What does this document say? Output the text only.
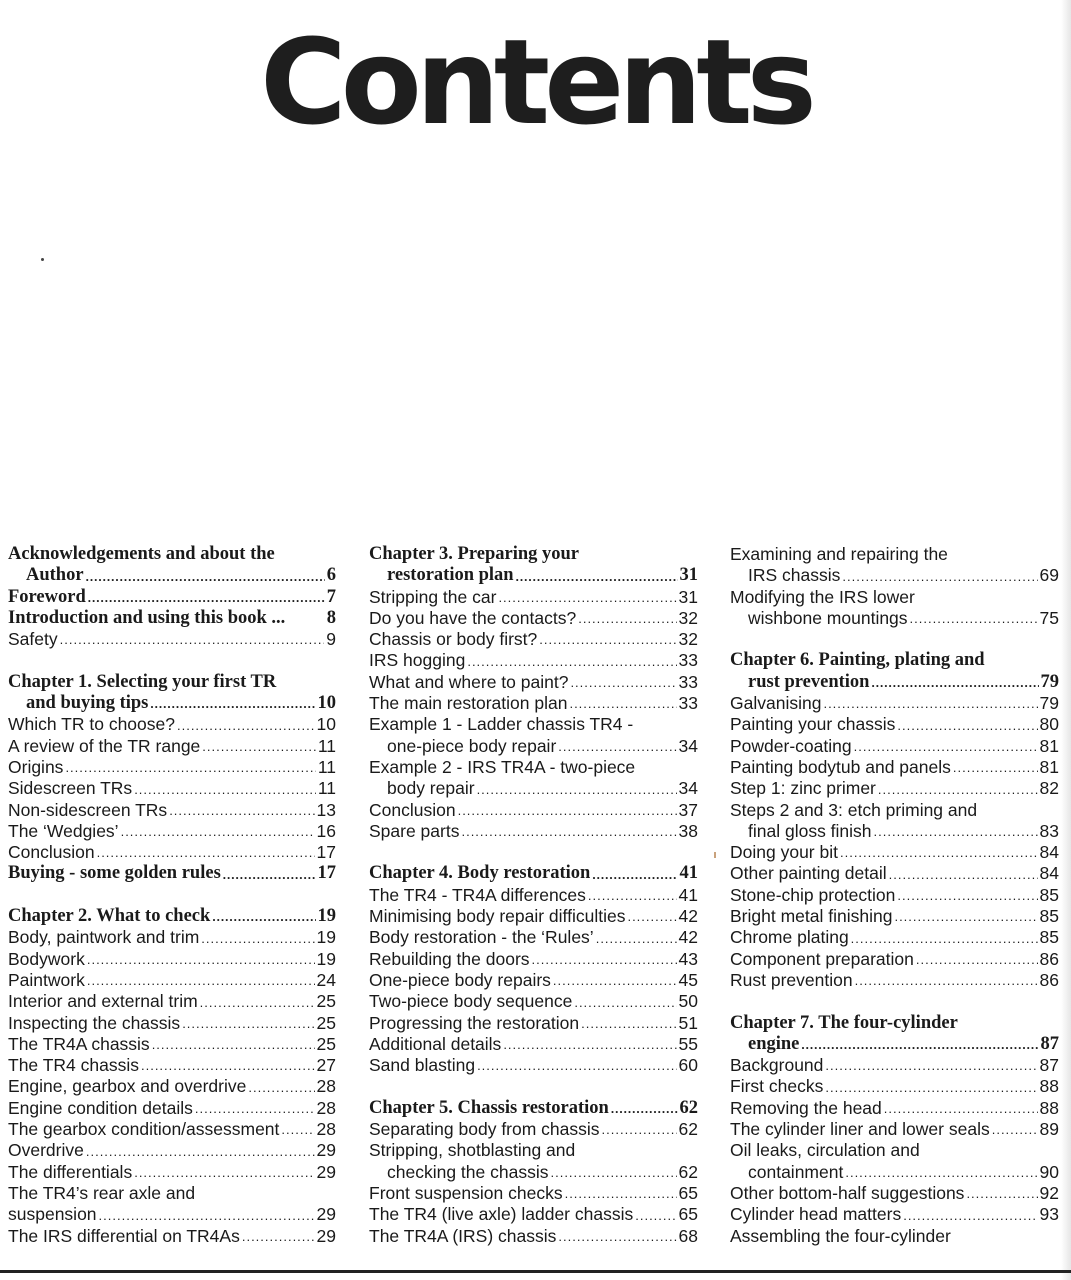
Contents
Acknowledgements and about the
Author .....	6
Foreword .....	7
Introduction and using this book ... 8
Safety .....	9
Chapter 1. Selecting your first TR
and buying tips .....	10
Which TR to choose? .....	10
A review of the TR range .....	11
Origins .....	11
Sidescreen TRs .....	11
Non-sidescreen TRs .....	13
The ‘Wedgies’ .....	16
Conclusion .....	17
Buying - some golden rules .....	17
Chapter 2. What to check .....	19
Body, paintwork and trim .....	19
Bodywork .....	19
Paintwork .....	24
Interior and external trim .....	25
Inspecting the chassis .....	25
The TR4A chassis .....	25
The TR4 chassis .....	27
Engine, gearbox and overdrive .....	28
Engine condition details .....	28
The gearbox condition/assessment ..... 28
Overdrive .....	29
The differentials .....	29
The TR4’s rear axle and
suspension .....	29
The IRS differential on TR4As .....	29
Chapter 3. Preparing your
restoration plan .....	31
Stripping the car .....	31
Do you have the contacts? .....	32
Chassis or body first? .....	32
IRS hogging .....	33
What and where to paint? .....	33
The main restoration plan .....	33
Example 1 - Ladder chassis TR4 -
one-piece body repair .....	34
Example 2 - IRS TR4A - two-piece
body repair .....	34
Conclusion .....	37
Spare parts .....	38
Chapter 4. Body restoration .....	41
The TR4 - TR4A differences .....	41
Minimising body repair difficulties .....	42
Body restoration - the ‘Rules’ .....	42
Rebuilding the doors .....	43
One-piece body repairs .....	45
Two-piece body sequence .....	50
Progressing the restoration .....	51
Additional details .....	55
Sand blasting .....	60
Chapter 5. Chassis restoration .....	62
Separating body from chassis .....	62
Stripping, shotblasting and
checking the chassis .....	62
Front suspension checks .....	65
The TR4 (live axle) ladder chassis .....	65
The TR4A (IRS) chassis .....	68
Examining and repairing the
IRS chassis .....	69
Modifying the IRS lower
wishbone mountings .....	75
Chapter 6. Painting, plating and
rust prevention .....	79
Galvanising .....	79
Painting your chassis .....	80
Powder-coating .....	81
Painting bodytub and panels .....	81
Step 1: zinc primer .....	82
Steps 2 and 3: etch priming and
final gloss finish .....	83
Doing your bit .....	84
Other painting detail .....	84
Stone-chip protection .....	85
Bright metal finishing .....	85
Chrome plating .....	85
Component preparation .....	86
Rust prevention .....	86
Chapter 7. The four-cylinder
engine .....	87
Background .....	87
First checks .....	88
Removing the head .....	88
The cylinder liner and lower seals .....	89
Oil leaks, circulation and
containment .....	90
Other bottom-half suggestions .....	92
Cylinder head matters .....	93
Assembling the four-cylinder
